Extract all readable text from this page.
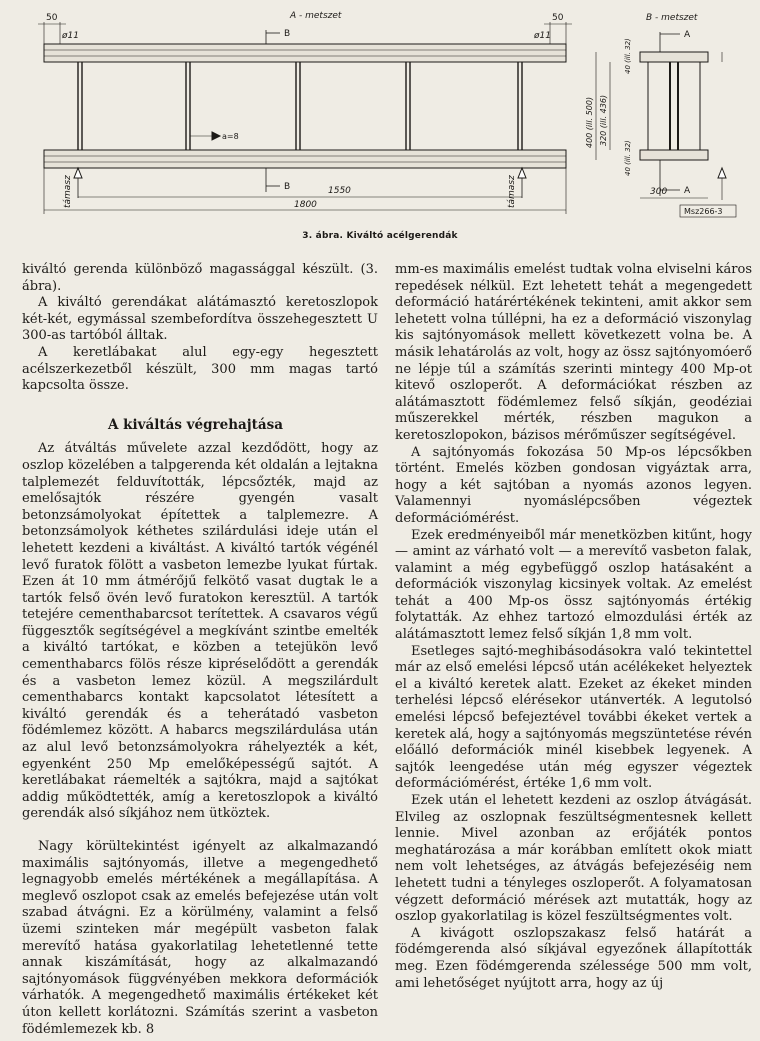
A - metszet	B - metszet
50	50
ø11	ø11
a=8
B
B
A
A
1550
1800
300
támasz	támasz
400 (ill. 500) 320 (ill. 436)
40 (ill. 32)
40 (ill. 32)
Msz266-3
3. ábra. Kiváltó acélgerendák

kiváltó gerenda különböző magassággal készült. (3. ábra).

A kiváltó gerendákat alátámasztó keretoszlopok két-két, egymással szembefordítva összehegesztett U 300-as tartóból álltak.

A keretlábakat alul egy-egy hegesztett acélszerkezetből készült, 300 mm magas tartó kapcsolta össze.

A kiváltás végrehajtása

Az átváltás művelete azzal kezdődött, hogy az oszlop közelében a talpgerenda két oldalán a lejtakna talplemezét felduvították, lépcsőzték, majd az emelősajtók részére gyengén vasalt betonzsámolyokat építettek a talplemezre. A betonzsámolyok kéthetes szilárdulási ideje után el lehetett kezdeni a kiváltást. A kiváltó tartók végénél levő furatok fölött a vasbeton lemezbe lyukat fúrtak. Ezen át 10 mm átmérőjű felkötő vasat dugtak le a tartók felső övén levő furatokon keresztül. A tartók tetejére cementhabarcsot terítettek. A csavaros végű függesztők segítségével a megkívánt szintbe emelték a kiváltó tartókat, e közben a tetejükön levő cementhabarcs fölös része kipréselődött a gerendák és a vasbeton lemez közül. A megszilárdult cementhabarcs kontakt kapcsolatot létesített a kiváltó gerendák és a teherátadó vasbeton födémlemez között. A habarcs megszilárdulása után az alul levő betonzsámolyokra ráhelyezték a két, egyenként 250 Mp emelőképességű sajtót. A keretlábakat ráemelték a sajtókra, majd a sajtókat addig működtették, amíg a keretoszlopok a kiváltó gerendák alsó síkjához nem ütköztek.

Nagy körültekintést igényelt az alkalmazandó maximális sajtónyomás, illetve a megengedhető legnagyobb emelés mértékének a megállapítása. A meglevő oszlopot csak az emelés befejezése után volt szabad átvágni. Ez a körülmény, valamint a felső üzemi szinteken már megépült vasbeton falak merevítő hatása gyakorlatilag lehetetlenné tette annak kiszámítását, hogy az alkalmazandó sajtónyomások függvényében mekkora deformációk várhatók. A megengedhető maximális értékeket két úton kellett korlátozni. Számítás szerint a vasbeton födémlemezek kb. 8

mm-es maximális emelést tudtak volna elviselni káros repedések nélkül. Ezt lehetett tehát a megengedett deformáció határértékének tekinteni, amit akkor sem lehetett volna túllépni, ha ez a deformáció viszonylag kis sajtónyomások mellett következett volna be. A másik lehatárolás az volt, hogy az össz sajtónyomóerő ne lépje túl a számítás szerinti mintegy 400 Mp-ot kitevő oszloperőt. A deformációkat részben az alátámasztott födémlemez felső síkján, geodéziai műszerekkel mérték, részben magukon a keretoszlopokon, bázisos mérőműszer segítségével.

A sajtónyomás fokozása 50 Mp-os lépcsőkben történt. Emelés közben gondosan vigyáztak arra, hogy a két sajtóban a nyomás azonos legyen. Valamennyi nyomáslépcsőben végeztek deformációmérést.

Ezek eredményeiből már menetközben kitűnt, hogy — amint az várható volt — a merevítő vasbeton falak, valamint a még egybefüggő oszlop hatásaként a deformációk viszonylag kicsinyek voltak. Az emelést tehát a 400 Mp-os össz sajtónyomás értékig folytatták. Az ehhez tartozó elmozdulási érték az alátámasztott lemez felső síkján 1,8 mm volt.

Esetleges sajtó-meghibásodásokra való tekintettel már az első emelési lépcső után acélékeket helyeztek el a kiváltó keretek alatt. Ezeket az ékeket minden terhelési lépcső elérésekor utánverték. A legutolsó emelési lépcső befejeztével további ékeket vertek a keretek alá, hogy a sajtónyomás megszüntetése révén előálló deformációk minél kisebbek legyenek. A sajtók leengedése után még egyszer végeztek deformációmérést, értéke 1,6 mm volt.

Ezek után el lehetett kezdeni az oszlop átvágását. Elvileg az oszlopnak feszültségmentesnek kellett lennie. Mivel azonban az erőjáték pontos meghatározása a már korábban említett okok miatt nem volt lehetséges, az átvágás befejezéséig nem lehetett tudni a tényleges oszloperőt. A folyamatosan végzett deformáció mérések azt mutatták, hogy az oszlop gyakorlatilag is közel feszültségmentes volt.

A kivágott oszlopszakasz felső határát a födémgerenda alsó síkjával egyezőnek állapították meg. Ezen födémgerenda szélessége 500 mm volt, ami lehetőséget nyújtott arra, hogy az új
